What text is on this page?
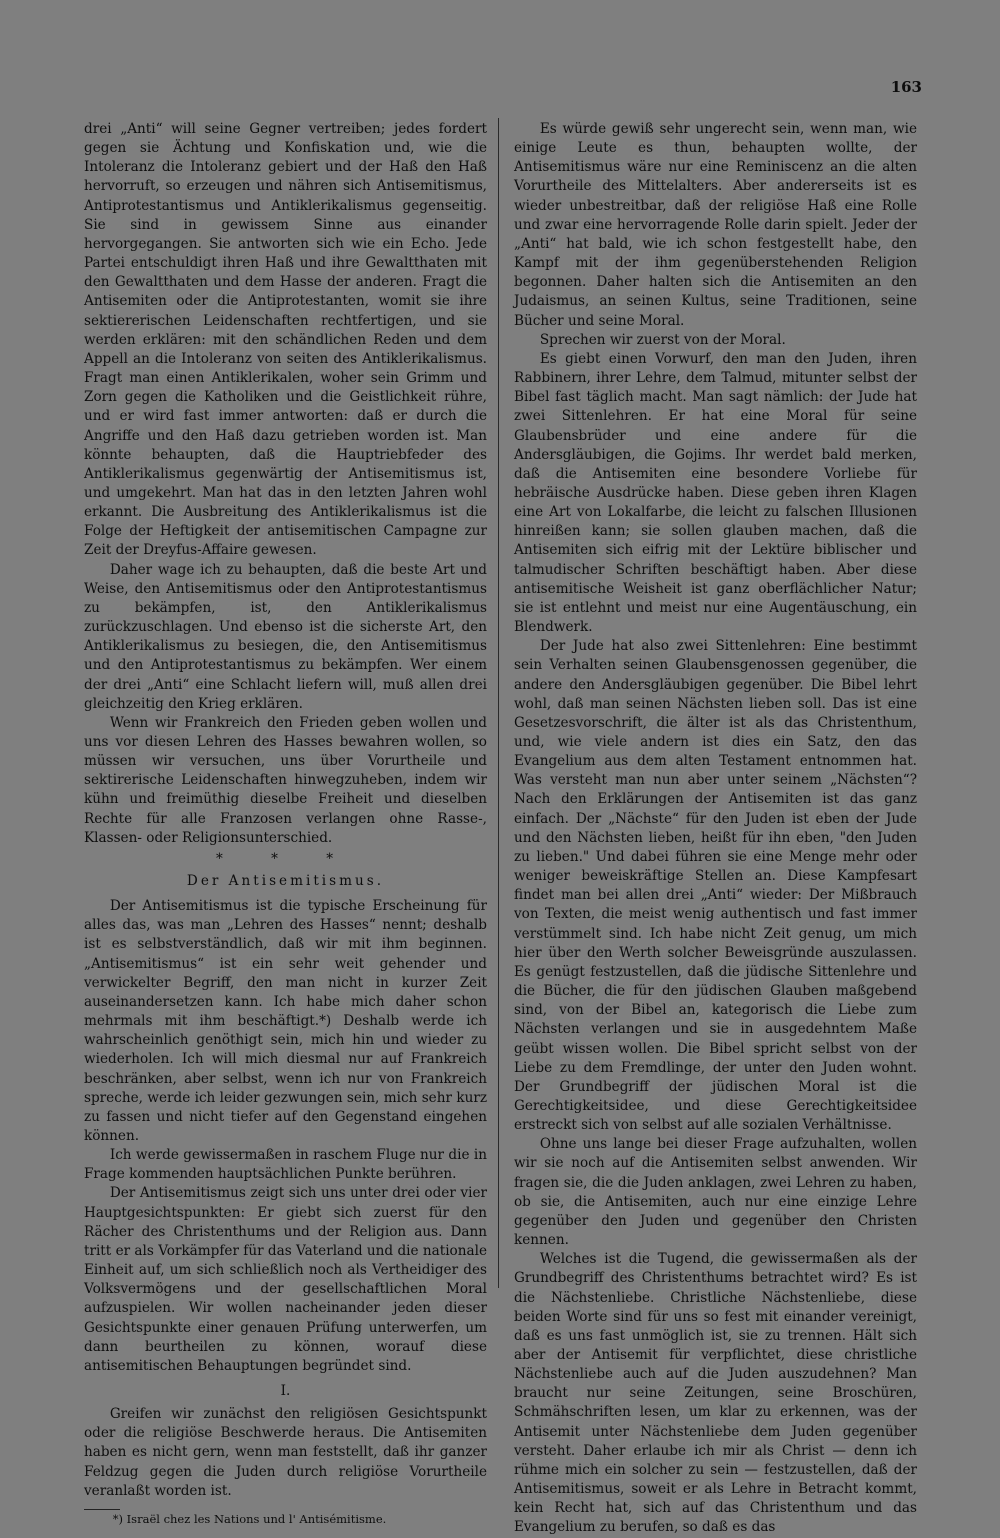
163

drei „Anti“ will seine Gegner vertreiben; jedes fordert gegen sie Ächtung und Konfiskation und, wie die Intoleranz die Intoleranz gebiert und der Haß den Haß hervorruft, so erzeugen und nähren sich Antisemitismus, Antiprotestantismus und Antiklerikalismus gegenseitig. Sie sind in gewissem Sinne aus einander hervorgegangen. Sie antworten sich wie ein Echo. Jede Partei entschuldigt ihren Haß und ihre Gewaltthaten mit den Gewaltthaten und dem Hasse der anderen. Fragt die Antisemiten oder die Antiprotestanten, womit sie ihre sektiererischen Leidenschaften rechtfertigen, und sie werden erklären: mit den schändlichen Reden und dem Appell an die Intoleranz von seiten des Antiklerikalismus. Fragt man einen Antiklerikalen, woher sein Grimm und Zorn gegen die Katholiken und die Geistlichkeit rühre, und er wird fast immer antworten: daß er durch die Angriffe und den Haß dazu getrieben worden ist. Man könnte behaupten, daß die Hauptriebfeder des Antiklerikalismus gegenwärtig der Antisemitismus ist, und umgekehrt. Man hat das in den letzten Jahren wohl erkannt. Die Ausbreitung des Antiklerikalismus ist die Folge der Heftigkeit der antisemitischen Campagne zur Zeit der Dreyfus-Affaire gewesen.

Daher wage ich zu behaupten, daß die beste Art und Weise, den Antisemitismus oder den Antiprotestantismus zu bekämpfen, ist, den Antiklerikalismus zurückzuschlagen. Und ebenso ist die sicherste Art, den Antiklerikalismus zu besiegen, die, den Antisemitismus und den Antiprotestantismus zu bekämpfen. Wer einem der drei „Anti“ eine Schlacht liefern will, muß allen drei gleichzeitig den Krieg erklären.

Wenn wir Frankreich den Frieden geben wollen und uns vor diesen Lehren des Hasses bewahren wollen, so müssen wir versuchen, uns über Vorurtheile und sektirerische Leidenschaften hinwegzuheben, indem wir kühn und freimüthig dieselbe Freiheit und dieselben Rechte für alle Franzosen verlangen ohne Rasse-, Klassen- oder Religionsunterschied.

* * *
Der Antisemitismus.

Der Antisemitismus ist die typische Erscheinung für alles das, was man „Lehren des Hasses“ nennt; deshalb ist es selbstverständlich, daß wir mit ihm beginnen. „Antisemitismus“ ist ein sehr weit gehender und verwickelter Begriff, den man nicht in kurzer Zeit auseinandersetzen kann. Ich habe mich daher schon mehrmals mit ihm beschäftigt.*) Deshalb werde ich wahrscheinlich genöthigt sein, mich hin und wieder zu wiederholen. Ich will mich diesmal nur auf Frankreich beschränken, aber selbst, wenn ich nur von Frankreich spreche, werde ich leider gezwungen sein, mich sehr kurz zu fassen und nicht tiefer auf den Gegenstand eingehen können.

Ich werde gewissermaßen in raschem Fluge nur die in Frage kommenden hauptsächlichen Punkte berühren.

Der Antisemitismus zeigt sich uns unter drei oder vier Hauptgesichtspunkten: Er giebt sich zuerst für den Rächer des Christenthums und der Religion aus. Dann tritt er als Vorkämpfer für das Vaterland und die nationale Einheit auf, um sich schließlich noch als Vertheidiger des Volksvermögens und der gesellschaftlichen Moral aufzuspielen. Wir wollen nacheinander jeden dieser Gesichtspunkte einer genauen Prüfung unterwerfen, um dann beurtheilen zu können, worauf diese antisemitischen Behauptungen begründet sind.

I.

Greifen wir zunächst den religiösen Gesichtspunkt oder die religiöse Beschwerde heraus. Die Antisemiten haben es nicht gern, wenn man feststellt, daß ihr ganzer Feldzug gegen die Juden durch religiöse Vorurtheile veranlaßt worden ist.

*) Israël chez les Nations und l' Antisémitisme.

Es würde gewiß sehr ungerecht sein, wenn man, wie einige Leute es thun, behaupten wollte, der Antisemitismus wäre nur eine Reminiscenz an die alten Vorurtheile des Mittelalters. Aber andererseits ist es wieder unbestreitbar, daß der religiöse Haß eine Rolle und zwar eine hervorragende Rolle darin spielt. Jeder der „Anti“ hat bald, wie ich schon festgestellt habe, den Kampf mit der ihm gegenüberstehenden Religion begonnen. Daher halten sich die Antisemiten an den Judaismus, an seinen Kultus, seine Traditionen, seine Bücher und seine Moral.

Sprechen wir zuerst von der Moral.

Es giebt einen Vorwurf, den man den Juden, ihren Rabbinern, ihrer Lehre, dem Talmud, mitunter selbst der Bibel fast täglich macht. Man sagt nämlich: der Jude hat zwei Sittenlehren. Er hat eine Moral für seine Glaubensbrüder und eine andere für die Andersgläubigen, die Gojims. Ihr werdet bald merken, daß die Antisemiten eine besondere Vorliebe für hebräische Ausdrücke haben. Diese geben ihren Klagen eine Art von Lokalfarbe, die leicht zu falschen Illusionen hinreißen kann; sie sollen glauben machen, daß die Antisemiten sich eifrig mit der Lektüre biblischer und talmudischer Schriften beschäftigt haben. Aber diese antisemitische Weisheit ist ganz oberflächlicher Natur; sie ist entlehnt und meist nur eine Augentäuschung, ein Blendwerk.

Der Jude hat also zwei Sittenlehren: Eine bestimmt sein Verhalten seinen Glaubensgenossen gegenüber, die andere den Andersgläubigen gegenüber. Die Bibel lehrt wohl, daß man seinen Nächsten lieben soll. Das ist eine Gesetzesvorschrift, die älter ist als das Christenthum, und, wie viele andern ist dies ein Satz, den das Evangelium aus dem alten Testament entnommen hat. Was versteht man nun aber unter seinem „Nächsten“? Nach den Erklärungen der Antisemiten ist das ganz einfach. Der „Nächste“ für den Juden ist eben der Jude und den Nächsten lieben, heißt für ihn eben, "den Juden zu lieben." Und dabei führen sie eine Menge mehr oder weniger beweiskräftige Stellen an. Diese Kampfesart findet man bei allen drei „Anti“ wieder: Der Mißbrauch von Texten, die meist wenig authentisch und fast immer verstümmelt sind. Ich habe nicht Zeit genug, um mich hier über den Werth solcher Beweisgründe auszulassen. Es genügt festzustellen, daß die jüdische Sittenlehre und die Bücher, die für den jüdischen Glauben maßgebend sind, von der Bibel an, kategorisch die Liebe zum Nächsten verlangen und sie in ausgedehntem Maße geübt wissen wollen. Die Bibel spricht selbst von der Liebe zu dem Fremdlinge, der unter den Juden wohnt. Der Grundbegriff der jüdischen Moral ist die Gerechtigkeitsidee, und diese Gerechtigkeitsidee erstreckt sich von selbst auf alle sozialen Verhältnisse.

Ohne uns lange bei dieser Frage aufzuhalten, wollen wir sie noch auf die Antisemiten selbst anwenden. Wir fragen sie, die die Juden anklagen, zwei Lehren zu haben, ob sie, die Antisemiten, auch nur eine einzige Lehre gegenüber den Juden und gegenüber den Christen kennen.

Welches ist die Tugend, die gewissermaßen als der Grundbegriff des Christenthums betrachtet wird? Es ist die Nächstenliebe. Christliche Nächstenliebe, diese beiden Worte sind für uns so fest mit einander vereinigt, daß es uns fast unmöglich ist, sie zu trennen. Hält sich aber der Antisemit für verpflichtet, diese christliche Nächstenliebe auch auf die Juden auszudehnen? Man braucht nur seine Zeitungen, seine Broschüren, Schmähschriften lesen, um klar zu erkennen, was der Antisemit unter Nächstenliebe dem Juden gegenüber versteht. Daher erlaube ich mir als Christ — denn ich rühme mich ein solcher zu sein — festzustellen, daß der Antisemitismus, soweit er als Lehre in Betracht kommt, kein Recht hat, sich auf das Christenthum und das Evangelium zu berufen, so daß es das
